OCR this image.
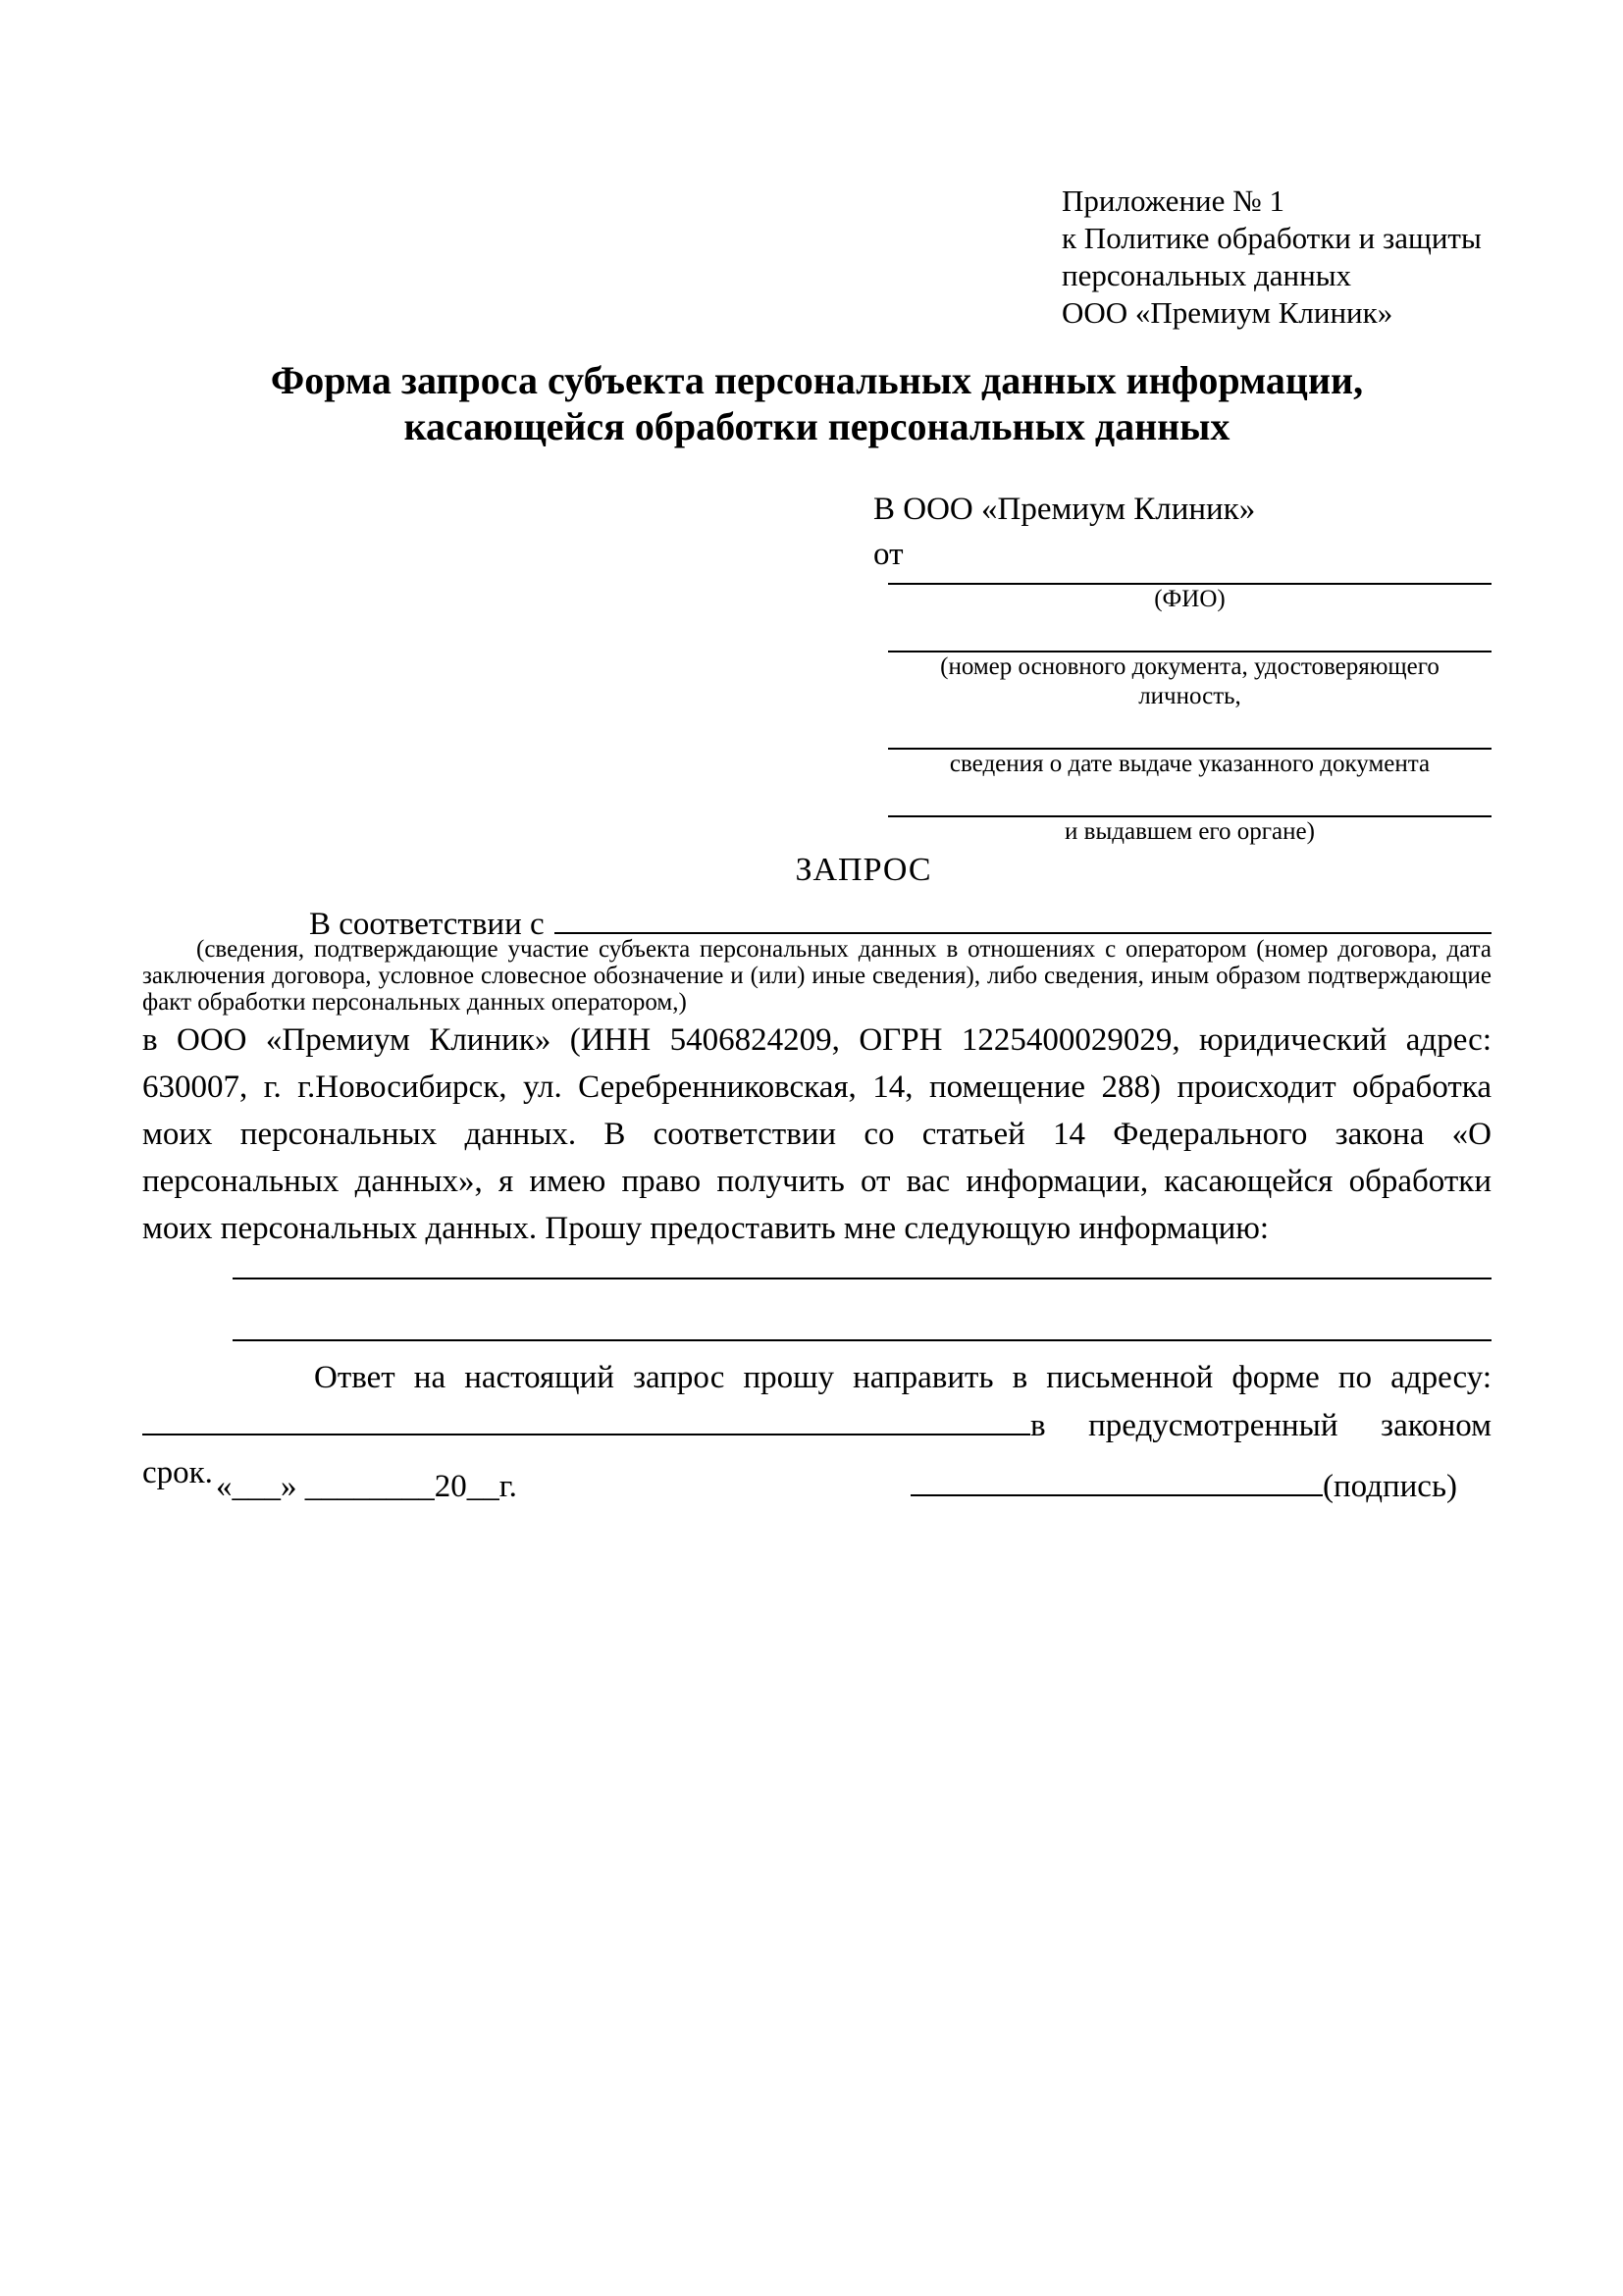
Приложение № 1
к Политике обработки и защиты
персональных данных
ООО «Премиум Клиник»
Форма запроса субъекта персональных данных информации,
касающейся обработки персональных данных
В ООО «Премиум Клиник»
от
(ФИО)
(номер основного документа, удостоверяющего личность,
сведения о дате выдаче указанного документа
и выдавшем его органе)
ЗАПРОС
В соответствии с
(сведения, подтверждающие участие субъекта персональных данных в отношениях с оператором (номер договора, дата заключения договора, условное словесное обозначение и (или) иные сведения), либо сведения, иным образом подтверждающие факт обработки персональных данных оператором,)
в ООО «Премиум Клиник» (ИНН 5406824209, ОГРН 1225400029029, юридический адрес: 630007, г. г.Новосибирск, ул. Серебренниковская, 14, помещение 288) происходит обработка моих персональных данных. В соответствии со статьей 14 Федерального закона «О персональных данных», я имею право получить от вас информации, касающейся обработки моих персональных данных. Прошу предоставить мне следующую информацию:
Ответ на настоящий запрос прошу направить в письменной форме по адресу: в предусмотренный законом срок. «___» ________20__г.	(подпись)
